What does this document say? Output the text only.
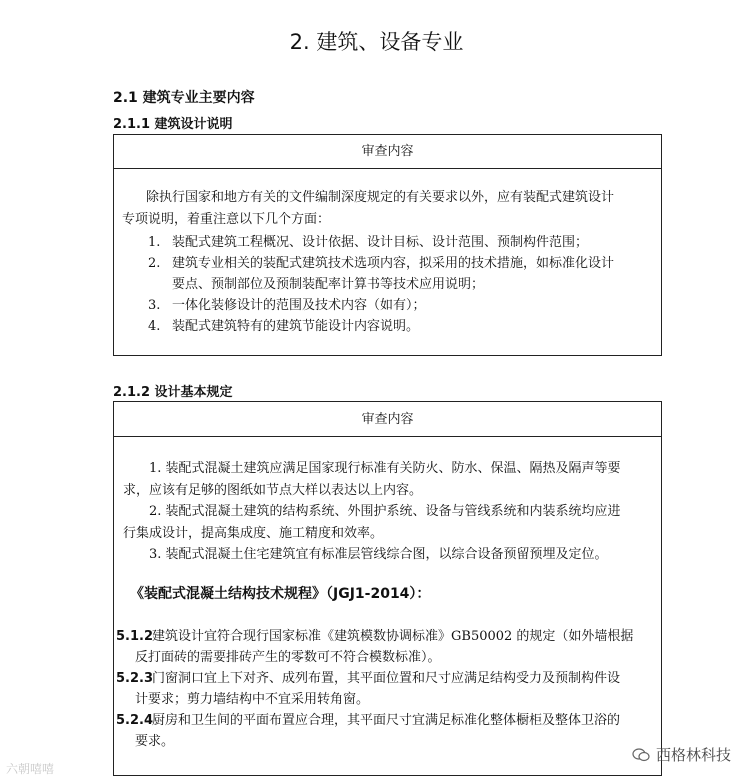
2. 建筑、设备专业
2.1 建筑专业主要内容
2.1.1 建筑设计说明
审查内容
除执行国家和地方有关的文件编制深度规定的有关要求以外，应有装配式建筑设计
专项说明，着重注意以下几个方面：
1. 装配式建筑工程概况、设计依据、设计目标、设计范围、预制构件范围；
2. 建筑专业相关的装配式建筑技术选项内容，拟采用的技术措施，如标准化设计
要点、预制部位及预制装配率计算书等技术应用说明；
3. 一体化装修设计的范围及技术内容（如有）；
4. 装配式建筑特有的建筑节能设计内容说明。
2.1.2 设计基本规定
审查内容
1. 装配式混凝土建筑应满足国家现行标准有关防火、防水、保温、隔热及隔声等要
求，应该有足够的图纸如节点大样以表达以上内容。
2. 装配式混凝土建筑的结构系统、外围护系统、设备与管线系统和内装系统均应进
行集成设计，提高集成度、施工精度和效率。
3. 装配式混凝土住宅建筑宜有标准层管线综合图，以综合设备预留预埋及定位。
《装配式混凝土结构技术规程》（JGJ1-2014）：
5.1.2
建筑设计宜符合现行国家标准《建筑模数协调标准》GB50002 的规定（如外墙根据
反打面砖的需要排砖产生的零数可不符合模数标准）。
5.2.3
门窗洞口宜上下对齐、成列布置，其平面位置和尺寸应满足结构受力及预制构件设
计要求；剪力墙结构中不宜采用转角窗。
5.2.4
厨房和卫生间的平面布置应合理，其平面尺寸宜满足标准化整体橱柜及整体卫浴的
要求。
六朝嘻嘻
西格林科技
